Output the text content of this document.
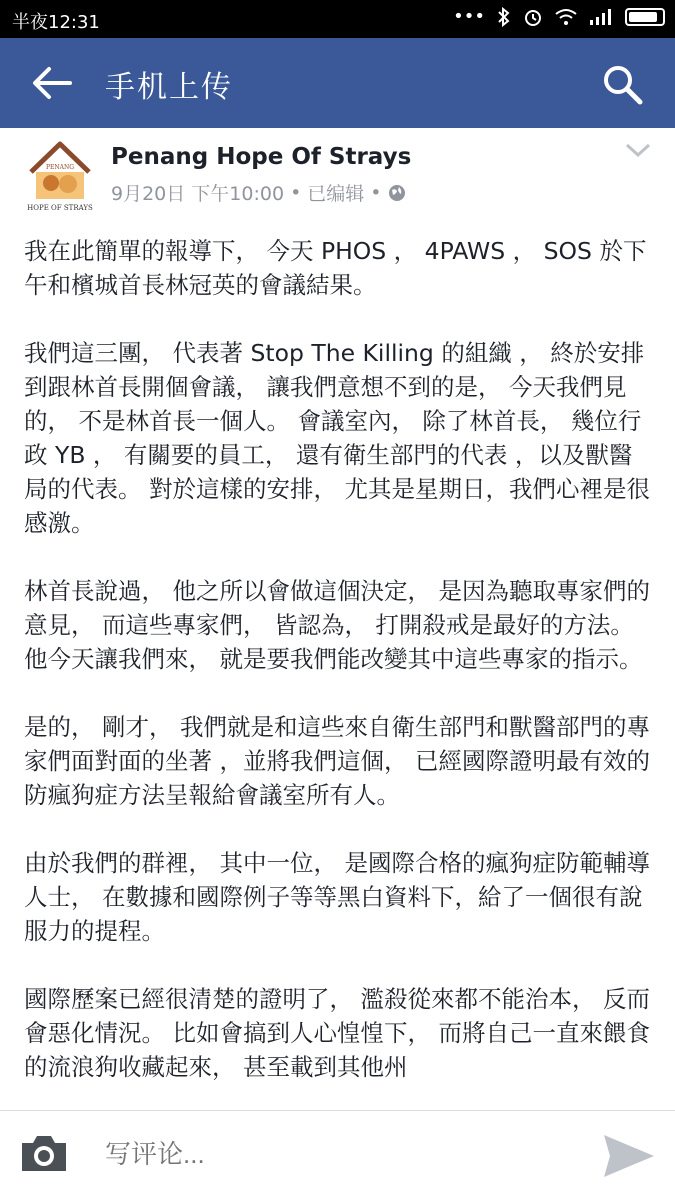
半夜12:31	•••
手机上传
PENANG
HOPE OF STRAYS
Penang Hope Of Strays
9月20日 下午10:00 • 已编辑 •

我在此簡單的報導下， 今天 PHOS ， 4PAWS ， SOS 於下午和檳城首長林冠英的會議結果。

我們這三團， 代表著 Stop The Killing 的組織 ， 終於安排到跟林首長開個會議， 讓我們意想不到的是， 今天我們見的， 不是林首長一個人。 會議室內， 除了林首長， 幾位行政 YB ， 有關要的員工， 還有衛生部門的代表 ，以及獸醫局的代表。 對於這樣的安排， 尤其是星期日，我們心裡是很感激。

林首長說過， 他之所以會做這個決定， 是因為聽取專家們的意見， 而這些專家們， 皆認為， 打開殺戒是最好的方法。 他今天讓我們來， 就是要我們能改變其中這些專家的指示。

是的， 剛才， 我們就是和這些來自衛生部門和獸醫部門的專家們面對面的坐著 ，並將我們這個， 已經國際證明最有效的防瘋狗症方法呈報給會議室所有人。

由於我們的群裡， 其中一位， 是國際合格的瘋狗症防範輔導人士， 在數據和國際例子等等黑白資料下，給了一個很有說服力的提程。

國際歷案已經很清楚的證明了， 濫殺從來都不能治本， 反而會惡化情況。 比如會搞到人心惶惶下， 而將自己一直來餵食的流浪狗收藏起來， 甚至載到其他州

写评论...
